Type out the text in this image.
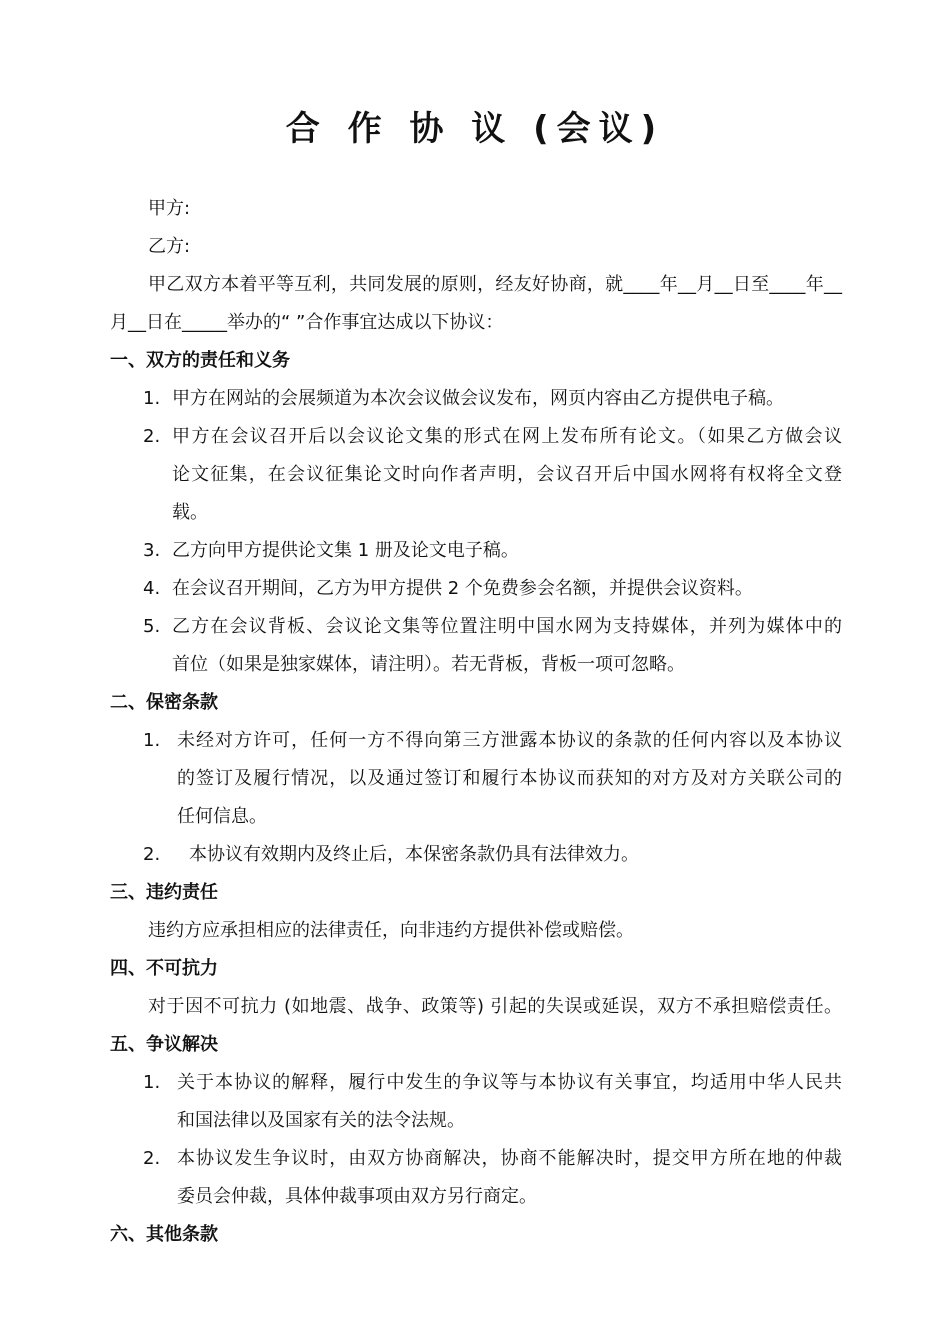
合 作 协 议 (会议)
甲方:
乙方:
甲乙双方本着平等互利，共同发展的原则，经友好协商，就____年__月__日至____年__
月__日在_____举办的“ ”合作事宜达成以下协议：
一、双方的责任和义务
1. 甲方在网站的会展频道为本次会议做会议发布，网页内容由乙方提供电子稿。
2. 甲方在会议召开后以会议论文集的形式在网上发布所有论文。（如果乙方做会议
论文征集，在会议征集论文时向作者声明，会议召开后中国水网将有权将全文登
载。
3. 乙方向甲方提供论文集 1 册及论文电子稿。
4. 在会议召开期间，乙方为甲方提供 2 个免费参会名额，并提供会议资料。
5. 乙方在会议背板、会议论文集等位置注明中国水网为支持媒体，并列为媒体中的
首位（如果是独家媒体，请注明）。若无背板，背板一项可忽略。
二、保密条款
1. 未经对方许可，任何一方不得向第三方泄露本协议的条款的任何内容以及本协议
的签订及履行情况，以及通过签订和履行本协议而获知的对方及对方关联公司的
任何信息。
2. 本协议有效期内及终止后，本保密条款仍具有法律效力。
三、违约责任
违约方应承担相应的法律责任，向非违约方提供补偿或赔偿。
四、不可抗力
对于因不可抗力 (如地震、战争、政策等) 引起的失误或延误，双方不承担赔偿责任。
五、争议解决
1. 关于本协议的解释，履行中发生的争议等与本协议有关事宜，均适用中华人民共
和国法律以及国家有关的法令法规。
2. 本协议发生争议时，由双方协商解决，协商不能解决时，提交甲方所在地的仲裁
委员会仲裁，具体仲裁事项由双方另行商定。
六、其他条款
